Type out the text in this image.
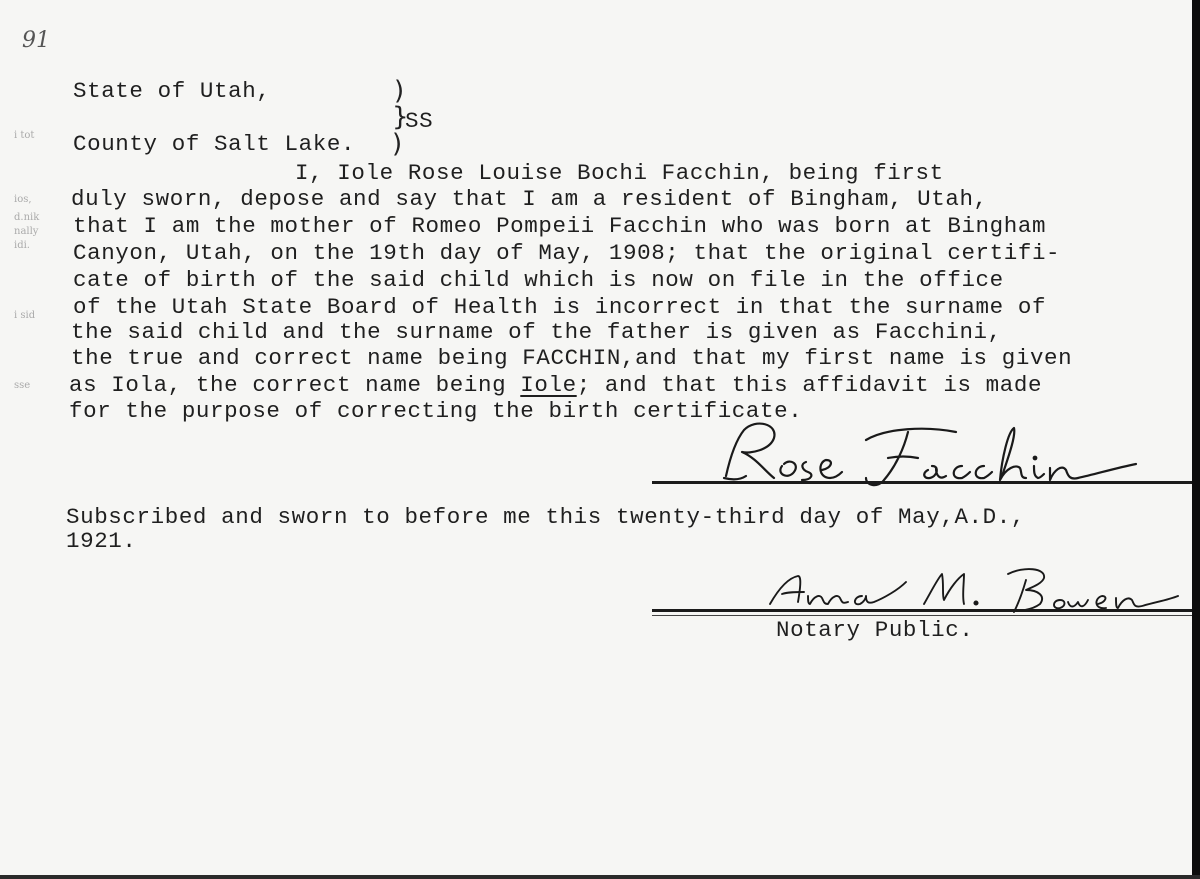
91
i tot
ios,
d.nik
nally
idi.
i sid
sse
State of Utah,	)
}
SS
County of Salt Lake. )
I, Iole Rose Louise Bochi Facchin, being first
duly sworn, depose and say that I am a resident of Bingham, Utah,
that I am the mother of Romeo Pompeii Facchin who was born at Bingham
Canyon, Utah, on the 19th day of May, 1908; that the original certifi-
cate of birth of the said child which is now on file in the office
of the Utah State Board of Health is incorrect in that the surname of
the said child and the surname of the father is given as Facchini,
the true and correct name being FACCHIN,and that my first name is given
as Iola, the correct name being Iole; and that this affidavit is made
for the purpose of correcting the birth certificate.
Subscribed and sworn to before me this twenty-third day of May,A.D.,
1921.
Notary Public.
